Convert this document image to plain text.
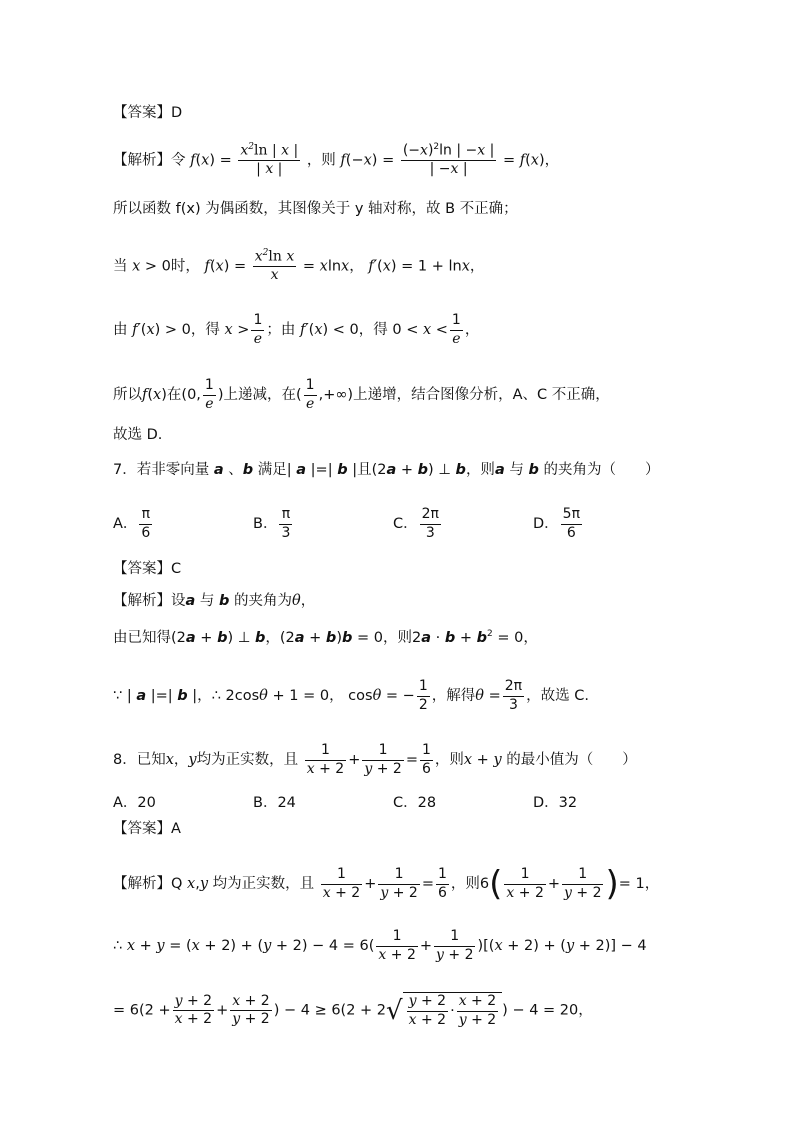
【答案】D
【解析】令 $f(x) = \frac{x^2\ln | x |}{| x |}$ ，则 $f(-x) = \frac{(-x)^2\ln | -x |}{| -x |} = f(x)$，
所以函数 f(x) 为偶函数，其图像关于 y 轴对称，故 B 不正确；
当 x > 0时， $f(x) = \frac{x^2\ln x}{x} = xlnx$， f′(x) = 1 + lnx，
由 f′(x) > 0，得 $x > \frac{1}{e}$ ；由 f′(x) < 0，得 $0 < x < \frac{1}{e}$ ，
所以f(x)在(0, $\frac{1}{e}$ )上递减，在( $\frac{1}{e}$ ,+∞)上递增，结合图像分析，A、C 不正确，
故选 D.
7．若非零向量 a 、b 满足| a |=| b |且(2a + b) ⊥ b，则a 与 b 的夹角为（　　）
A． $\frac{\pi}{6}$	B． $\frac{\pi}{3}$	C． $\frac{2\pi}{3}$	D． $\frac{5\pi}{6}$
【答案】C
【解析】设a 与 b 的夹角为θ，
由已知得(2a + b) ⊥ b，(2a + b)b = 0，则$2a \cdot b + b^2 = 0$，
∵ | a |=| b |，∴ 2cosθ + 1 = 0， cosθ = − $\frac{1}{2}$ ，解得$\theta = \frac{2\pi}{3}$ ，故选 C.
8．已知x，y均为正实数，且 $\frac{1}{x + 2} + \frac{1}{y + 2} = \frac{1}{6}$ ，则x + y 的最小值为（　　）
A．20	B．24	C．28	D．32
【答案】A
【解析】Q x,y 均为正实数，且 $\frac{1}{x + 2} + \frac{1}{y + 2} = \frac{1}{6}$ ，则$6( \frac{1}{x + 2} + \frac{1}{y + 2}$ )= 1，
∴ $x + y = (x + 2) + (y + 2) - 4 = 6( \frac{1}{x + 2} + \frac{1}{y + 2} )[(x + 2) + (y + 2)] - 4$
= $6(2 + \frac{y + 2}{x + 2} + \frac{x + 2}{y + 2}$ ) − $4 \ge 6(2 + 2√ \frac{y + 2}{x + 2} \cdot \frac{x + 2}{y + 2}$ ) − 4 = 20，
